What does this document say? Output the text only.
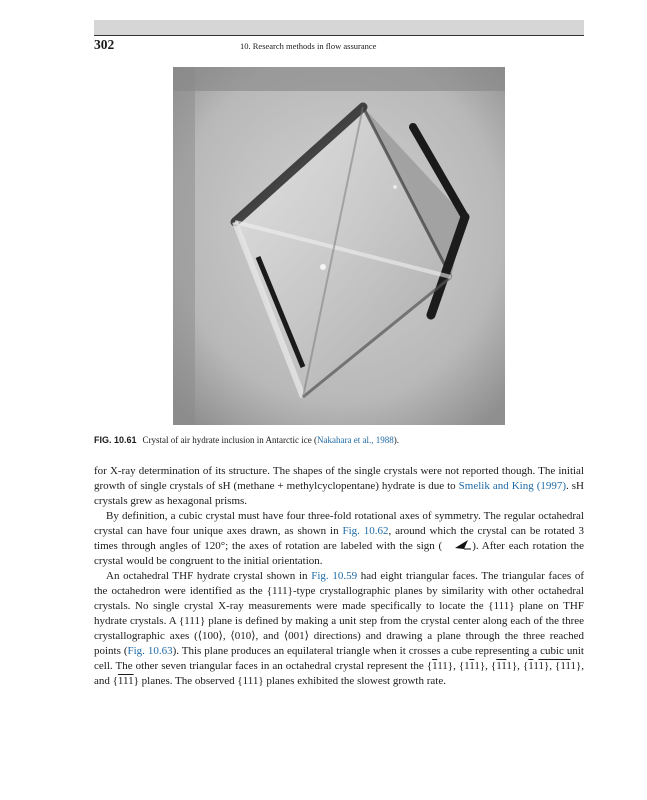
302	10. Research methods in flow assurance
FIG. 10.61 Crystal of air hydrate inclusion in Antarctic ice (Nakahara et al., 1988).

for X-ray determination of its structure. The shapes of the single crystals were not reported though. The initial growth of single crystals of sH (methane + methylcyclopentane) hydrate is due to Smelik and King (1997). sH crystals grew as hexagonal prisms.

By definition, a cubic crystal must have four three-fold rotational axes of symmetry. The regular octahedral crystal can have four unique axes drawn, as shown in Fig. 10.62, around which the crystal can be rotated 3 times through angles of 120°; the axes of rotation are labeled with the sign (	). After each rotation the crystal would be congruent to the initial orientation.

An octahedral THF hydrate crystal shown in Fig. 10.59 had eight triangular faces. The triangular faces of the octahedron were identified as the {111}-type crystallographic planes by similarity with other octahedral crystals. No single crystal X-ray measurements were made specifically to locate the {111} plane on THF hydrate crystals. A {111} plane is defined by making a unit step from the crystal center along each of the three crystallographic axes (⟨100⟩, ⟨010⟩, and ⟨001⟩ directions) and drawing a plane through the three reached points (Fig. 10.63). This plane produces an equilateral triangle when it crosses a cube representing a cubic unit cell. The other seven triangular faces in an octahedral crystal represent the {111}, {111}, {111}, {111}, {111}, and {111} planes. The observed {111} planes exhibited the slowest growth rate.
